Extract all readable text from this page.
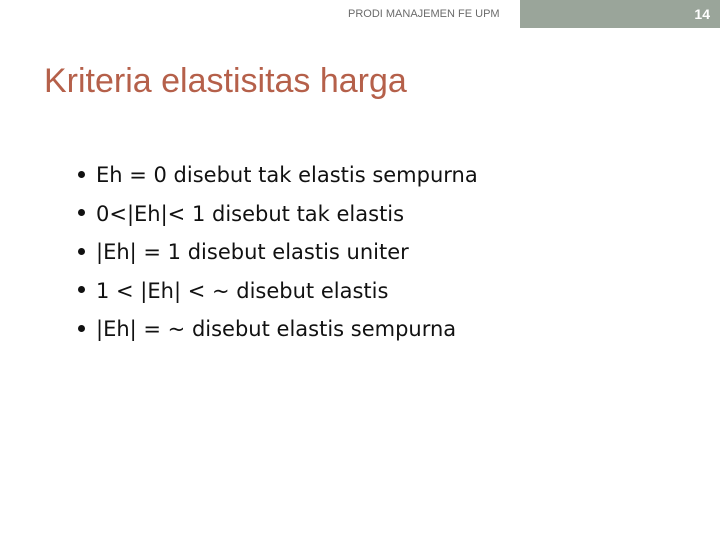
PRODI MANAJEMEN FE UPM	14
Kriteria elastisitas harga
Eh = 0 disebut tak elastis sempurna
0<|Eh|< 1 disebut tak elastis
|Eh| = 1 disebut elastis uniter
1 < |Eh| < ~ disebut elastis
|Eh| = ~ disebut elastis sempurna
